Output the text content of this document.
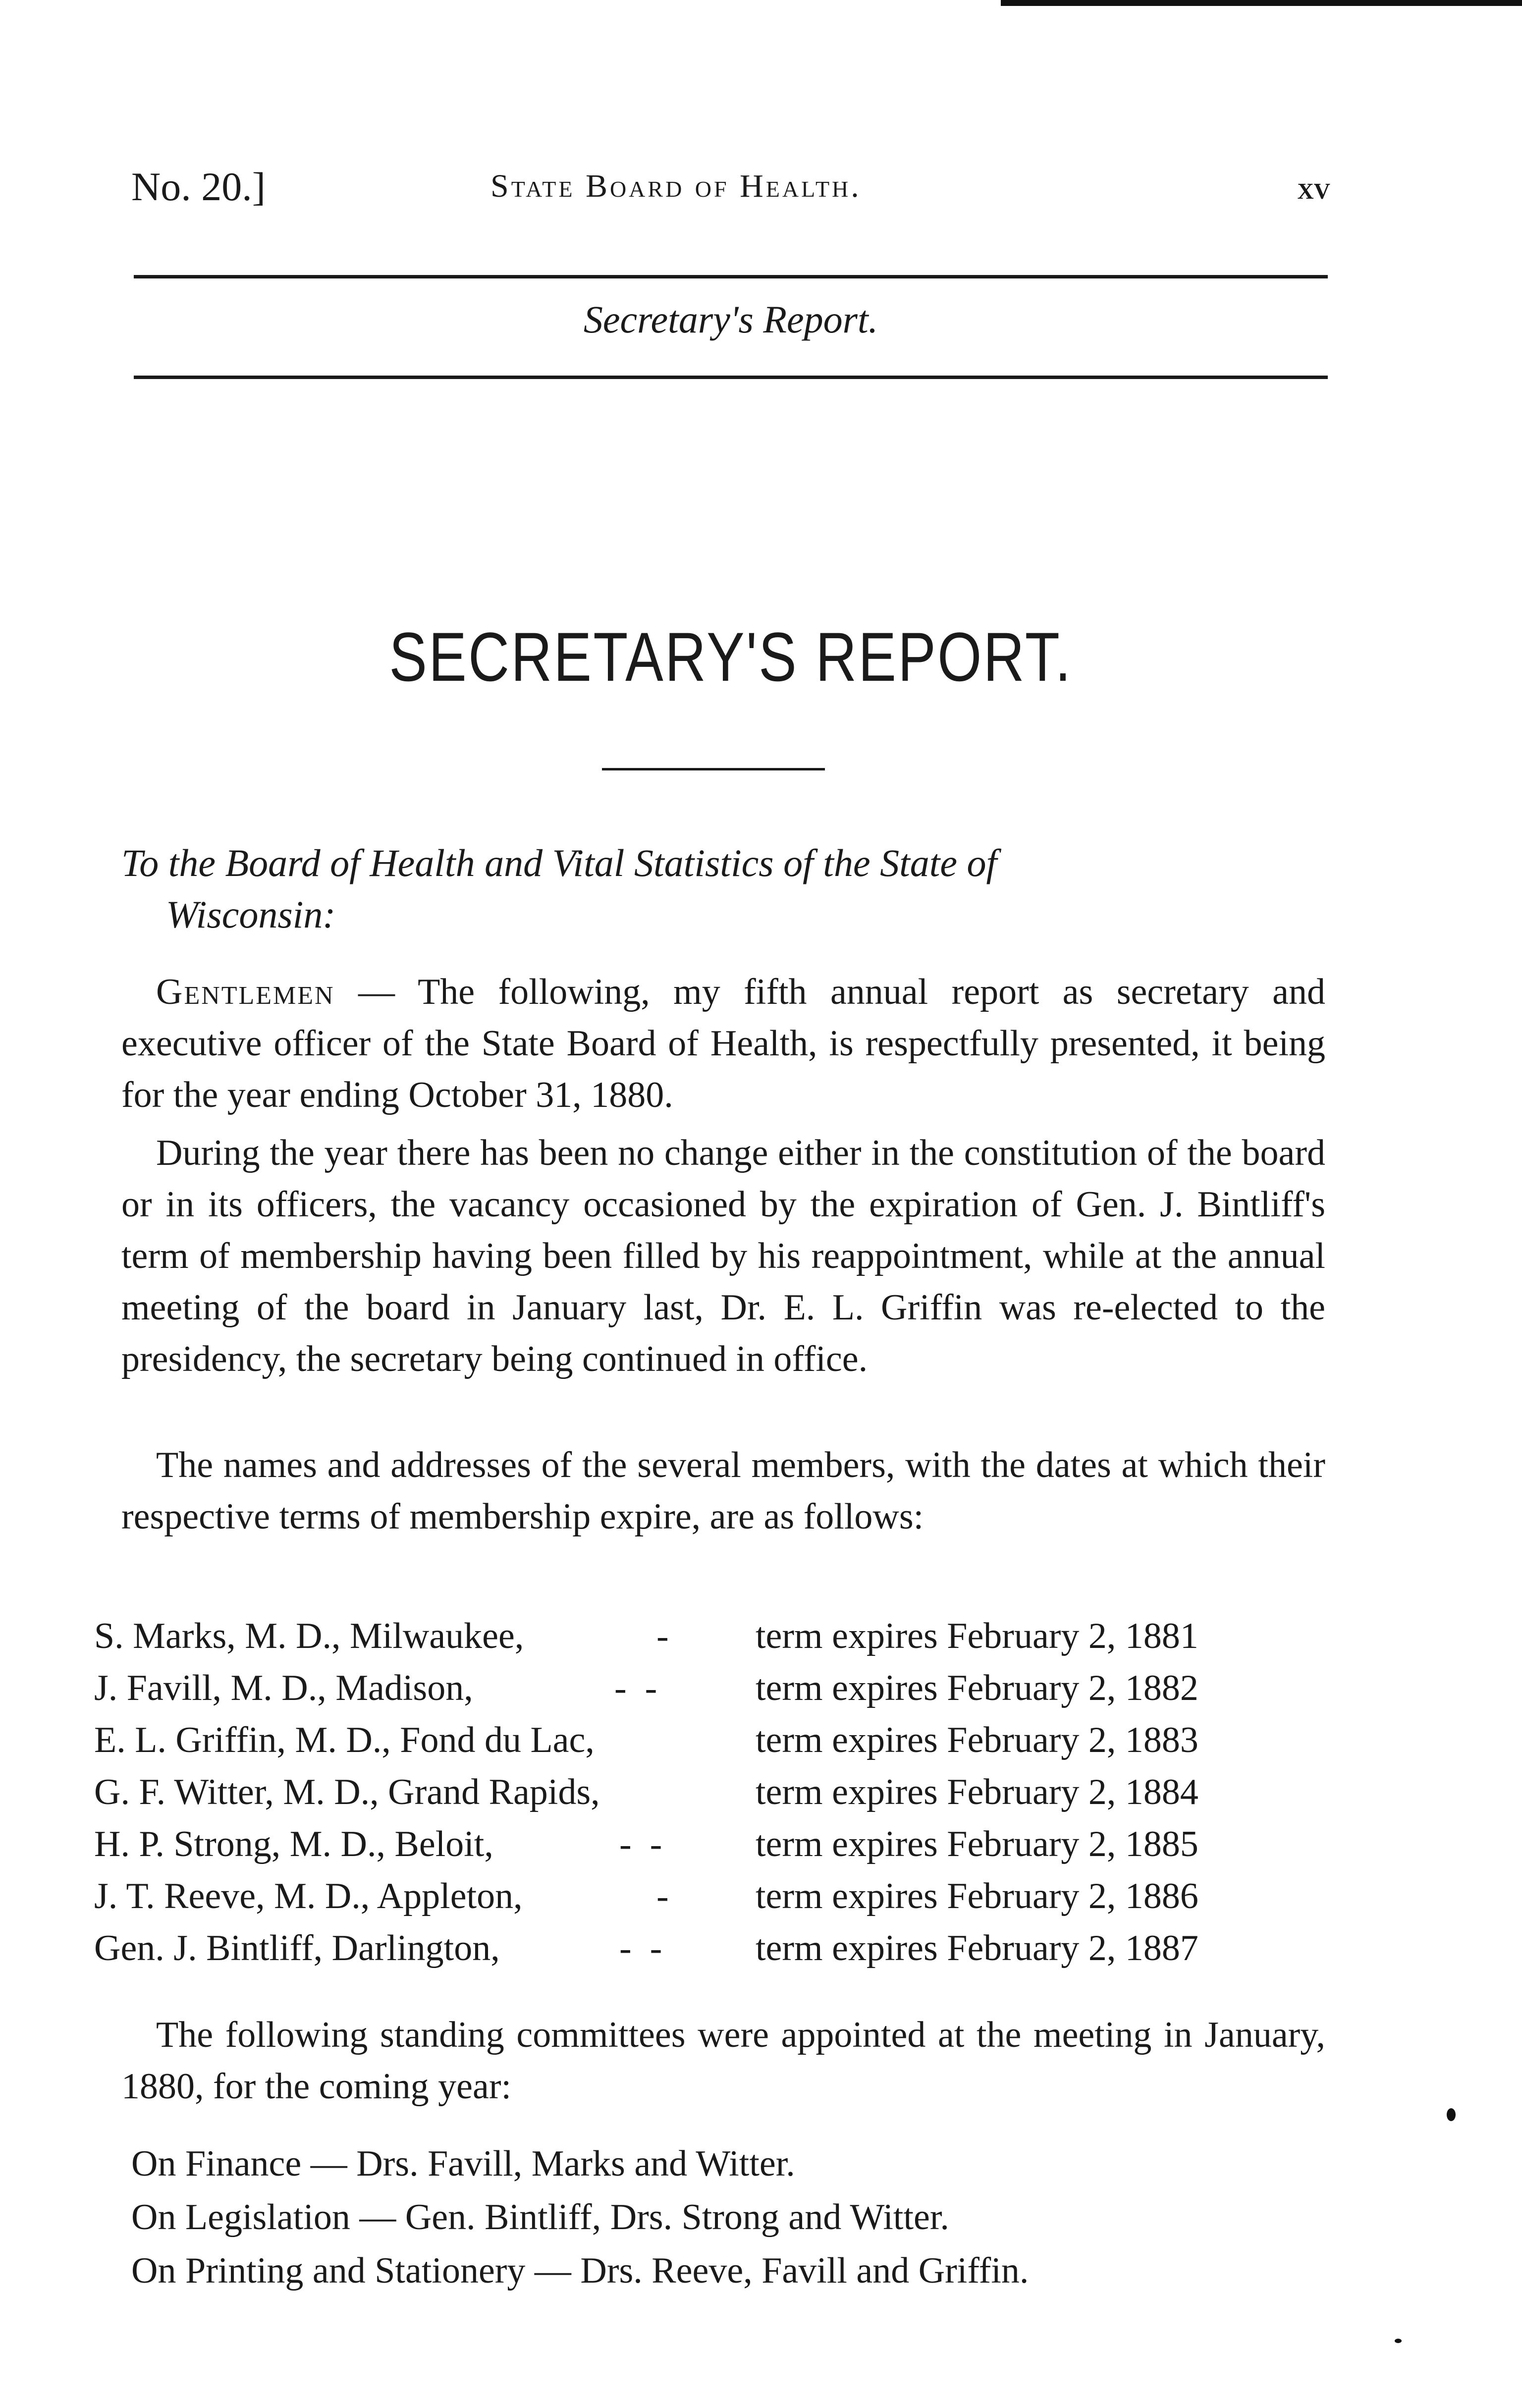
No. 20.]	State Board of Health.	xv
Secretary's Report.
SECRETARY'S REPORT.
To the Board of Health and Vital Statistics of the State of
Wisconsin:

Gentlemen — The following, my fifth annual report as secretary and executive officer of the State Board of Health, is respectfully presented, it being for the year ending October 31, 1880.

During the year there has been no change either in the constitution of the board or in its officers, the vacancy occasioned by the expiration of Gen. J. Bintliff's term of membership having been filled by his reappointment, while at the annual meeting of the board in January last, Dr. E. L. Griffin was re-elected to the presidency, the secretary being continued in office.

The names and addresses of the several members, with the dates at which their respective terms of membership expire, are as follows:

S. Marks, M. D., Milwaukee,	- term expires February 2, 1881
J. Favill, M. D., Madison,	-  -	term expires February 2, 1882
E. L. Griffin, M. D., Fond du Lac,	term expires February 2, 1883
G. F. Witter, M. D., Grand Rapids,	term expires February 2, 1884
H. P. Strong, M. D., Beloit,	-  -	term expires February 2, 1885
J. T. Reeve, M. D., Appleton,	- term expires February 2, 1886
Gen. J. Bintliff, Darlington,	-  -	term expires February 2, 1887

The following standing committees were appointed at the meeting in January, 1880, for the coming year:

On Finance — Drs. Favill, Marks and Witter.
On Legislation — Gen. Bintliff, Drs. Strong and Witter.
On Printing and Stationery — Drs. Reeve, Favill and Griffin.
